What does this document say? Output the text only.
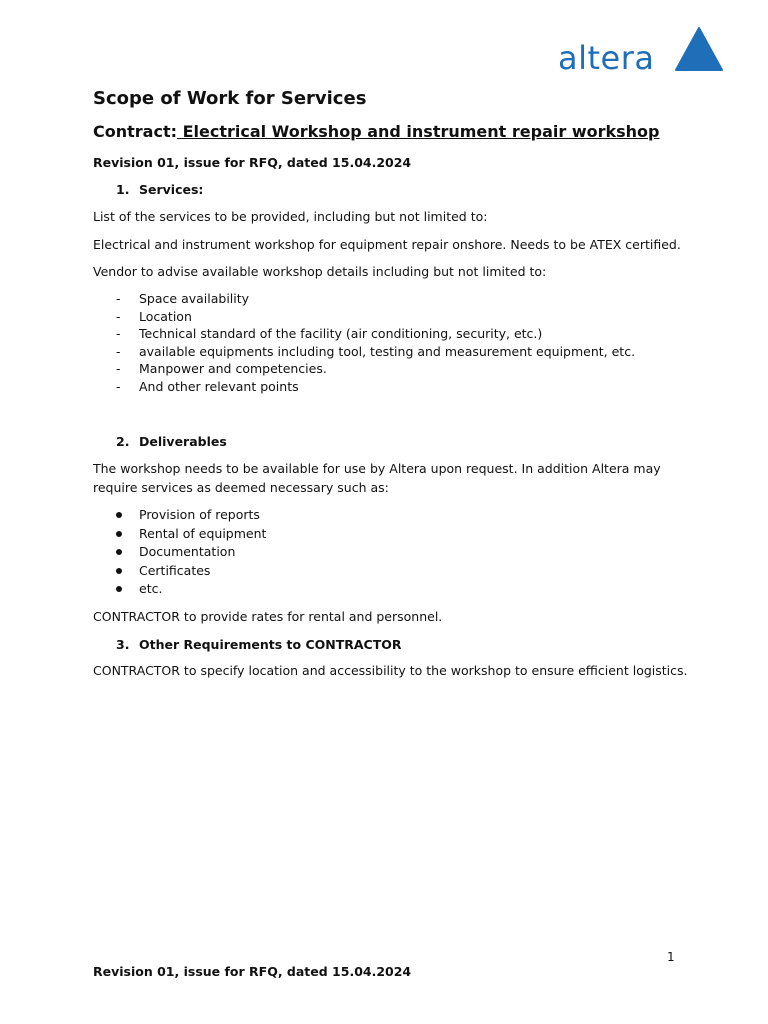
altera
Scope of Work for Services
Contract: Electrical Workshop and instrument repair workshop
Revision 01, issue for RFQ, dated 15.04.2024
1. Services:
List of the services to be provided, including but not limited to:
Electrical and instrument workshop for equipment repair onshore. Needs to be ATEX certified.
Vendor to advise available workshop details including but not limited to:
- Space availability
- Location
- Technical standard of the facility (air conditioning, security, etc.)
- available equipments including tool, testing and measurement equipment, etc.
- Manpower and competencies.
- And other relevant points
2. Deliverables
The workshop needs to be available for use by Altera upon request. In addition Altera may
require services as deemed necessary such as:
Provision of reports
Rental of equipment
Documentation
Certificates
etc.
CONTRACTOR to provide rates for rental and personnel.
3. Other Requirements to CONTRACTOR
CONTRACTOR to specify location and accessibility to the workshop to ensure efficient logistics.
1
Revision 01, issue for RFQ, dated 15.04.2024
